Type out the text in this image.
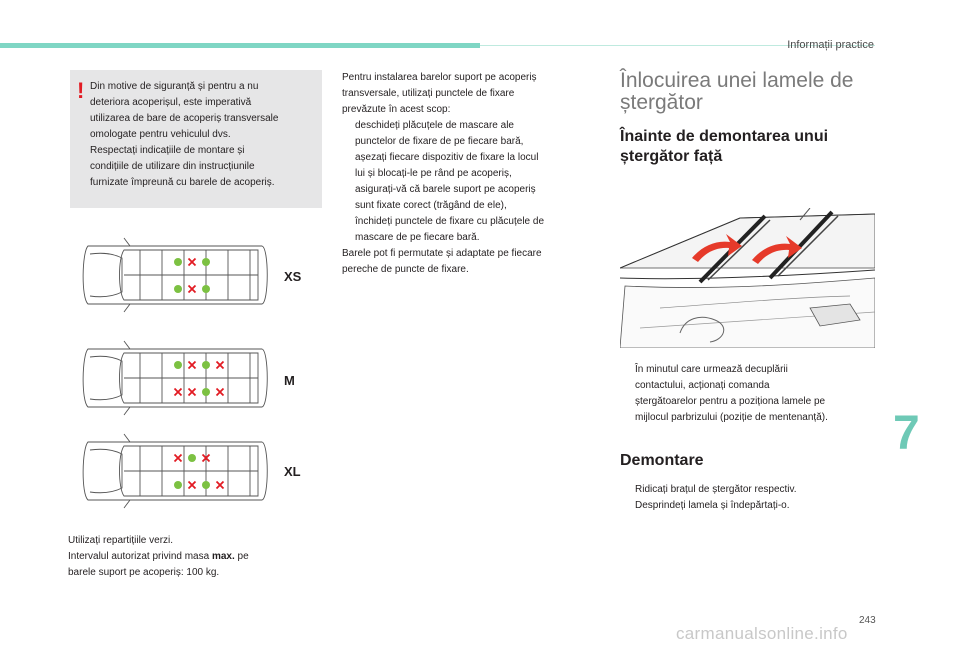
Informații practice
! Din motive de siguranță și pentru a nu
deteriora acoperișul, este imperativă
utilizarea de bare de acoperiș transversale
omologate pentru vehiculul dvs.
Respectați indicațiile de montare și
condițiile de utilizare din instrucțiunile
furnizate împreună cu barele de acoperiș.
XS
M
XL
Utilizați repartițiile verzi.
Intervalul autorizat privind masa max. pe
barele suport pe acoperiș: 100 kg.
Pentru instalarea barelor suport pe acoperiș
transversale, utilizați punctele de fixare
prevăzute în acest scop:
deschideți plăcuțele de mascare ale
punctelor de fixare de pe fiecare bară,
așezați fiecare dispozitiv de fixare la locul
lui și blocați-le pe rând pe acoperiș,
asigurați-vă că barele suport pe acoperiș
sunt fixate corect (trăgând de ele),
închideți punctele de fixare cu plăcuțele de
mascare de pe fiecare bară.
Barele pot fi permutate și adaptate pe fiecare
pereche de puncte de fixare.
Înlocuirea unei lamele de
ștergător
Înainte de demontarea unui
ștergător față
În minutul care urmează decuplării
contactului, acționați comanda
ștergătoarelor pentru a poziționa lamele pe
mijlocul parbrizului (poziție de mentenanță).
Demontare
Ridicați brațul de ștergător respectiv.
Desprindeți lamela și îndepărtați-o.
7
243
carmanualsonline.info
